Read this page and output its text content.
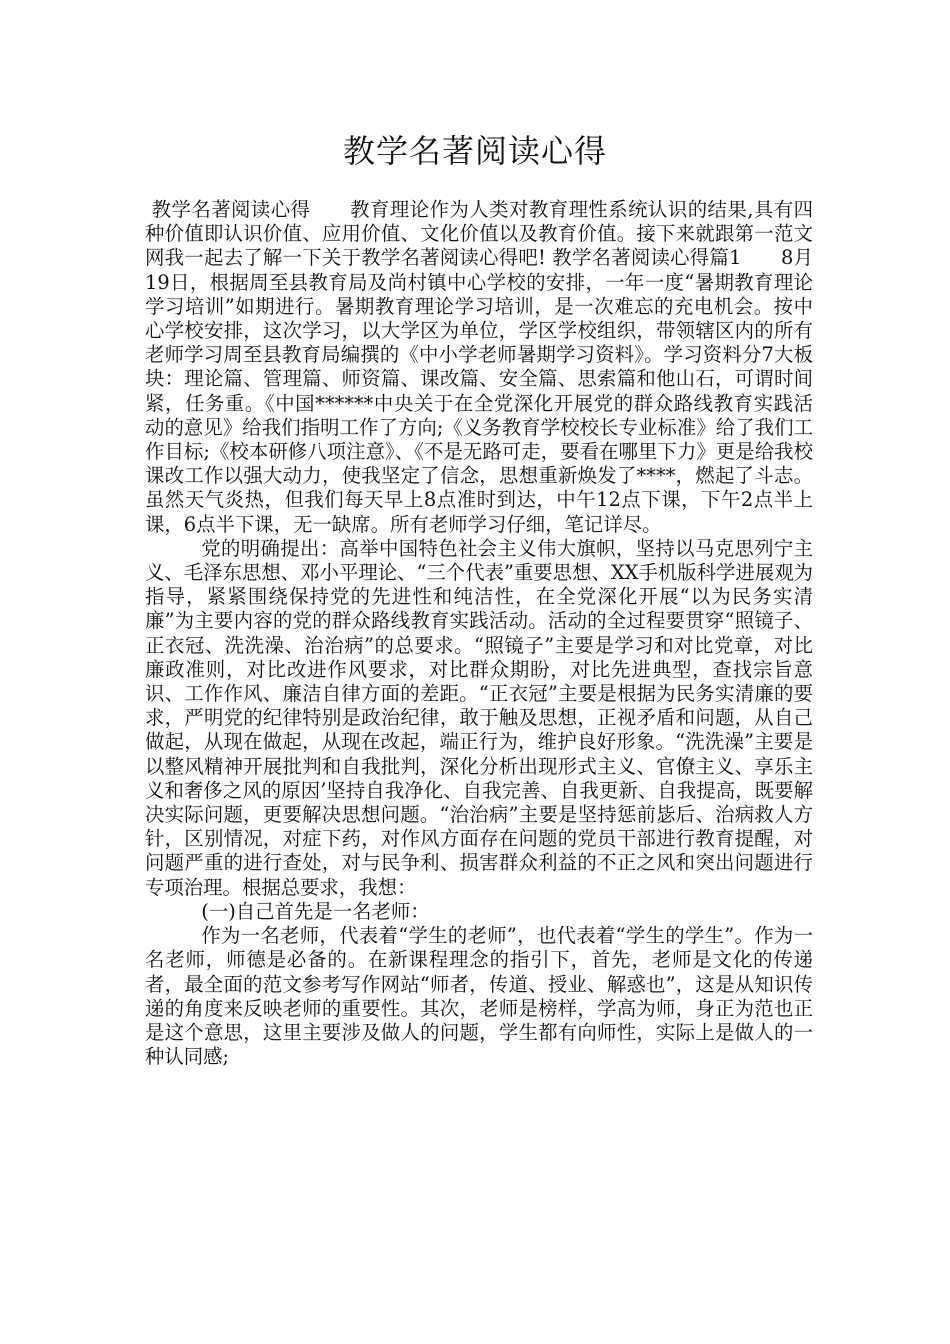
教学名著阅读心得

教学名著阅读心得　　教育理论作为人类对教育理性系统认识的结果,具有四种价值即认识价值、应用价值、文化价值以及教育价值。接下来就跟第一范文网我一起去了解一下关于教学名著阅读心得吧! 教学名著阅读心得篇1　　8月19日，根据周至县教育局及尚村镇中心学校的安排，一年一度“暑期教育理论学习培训”如期进行。暑期教育理论学习培训，是一次难忘的充电机会。按中心学校安排，这次学习，以大学区为单位，学区学校组织，带领辖区内的所有老师学习周至县教育局编撰的《中小学老师暑期学习资料》。学习资料分7大板块：理论篇、管理篇、师资篇、课改篇、安全篇、思索篇和他山石，可谓时间紧，任务重。《中国******中央关于在全党深化开展党的群众路线教育实践活动的意见》给我们指明工作了方向;《义务教育学校校长专业标准》给了我们工作目标;《校本研修八项注意》、《不是无路可走，要看在哪里下力》更是给我校课改工作以强大动力，使我坚定了信念，思想重新焕发了****，燃起了斗志。虽然天气炎热，但我们每天早上8点准时到达，中午12点下课，下午2点半上课，6点半下课，无一缺席。所有老师学习仔细，笔记详尽。

党的明确提出：高举中国特色社会主义伟大旗帜，坚持以马克思列宁主义、毛泽东思想、邓小平理论、“三个代表”重要思想、XX手机版科学进展观为指导，紧紧围绕保持党的先进性和纯洁性，在全党深化开展“以为民务实清廉”为主要内容的党的群众路线教育实践活动。活动的全过程要贯穿“照镜子、正衣冠、洗洗澡、治治病”的总要求。“照镜子”主要是学习和对比党章，对比廉政准则，对比改进作风要求，对比群众期盼，对比先进典型，查找宗旨意识、工作作风、廉洁自律方面的差距。“正衣冠”主要是根据为民务实清廉的要求，严明党的纪律特别是政治纪律，敢于触及思想，正视矛盾和问题，从自己做起，从现在做起，从现在改起，端正行为，维护良好形象。“洗洗澡”主要是以整风精神开展批判和自我批判，深化分析出现形式主义、官僚主义、享乐主义和奢侈之风的原因’坚持自我净化、自我完善、自我更新、自我提高，既要解决实际问题，更要解决思想问题。“治治病”主要是坚持惩前毖后、治病救人方针，区别情况，对症下药，对作风方面存在问题的党员干部进行教育提醒，对问题严重的进行查处，对与民争利、损害群众利益的不正之风和突出问题进行专项治理。根据总要求，我想：

(一)自己首先是一名老师：

作为一名老师，代表着“学生的老师”，也代表着“学生的学生”。作为一名老师，师德是必备的。在新课程理念的指引下，首先，老师是文化的传递者，最全面的范文参考写作网站“师者，传道、授业、解惑也”，这是从知识传递的角度来反映老师的重要性。其次，老师是榜样，学高为师，身正为范也正是这个意思，这里主要涉及做人的问题，学生都有向师性，实际上是做人的一种认同感;
